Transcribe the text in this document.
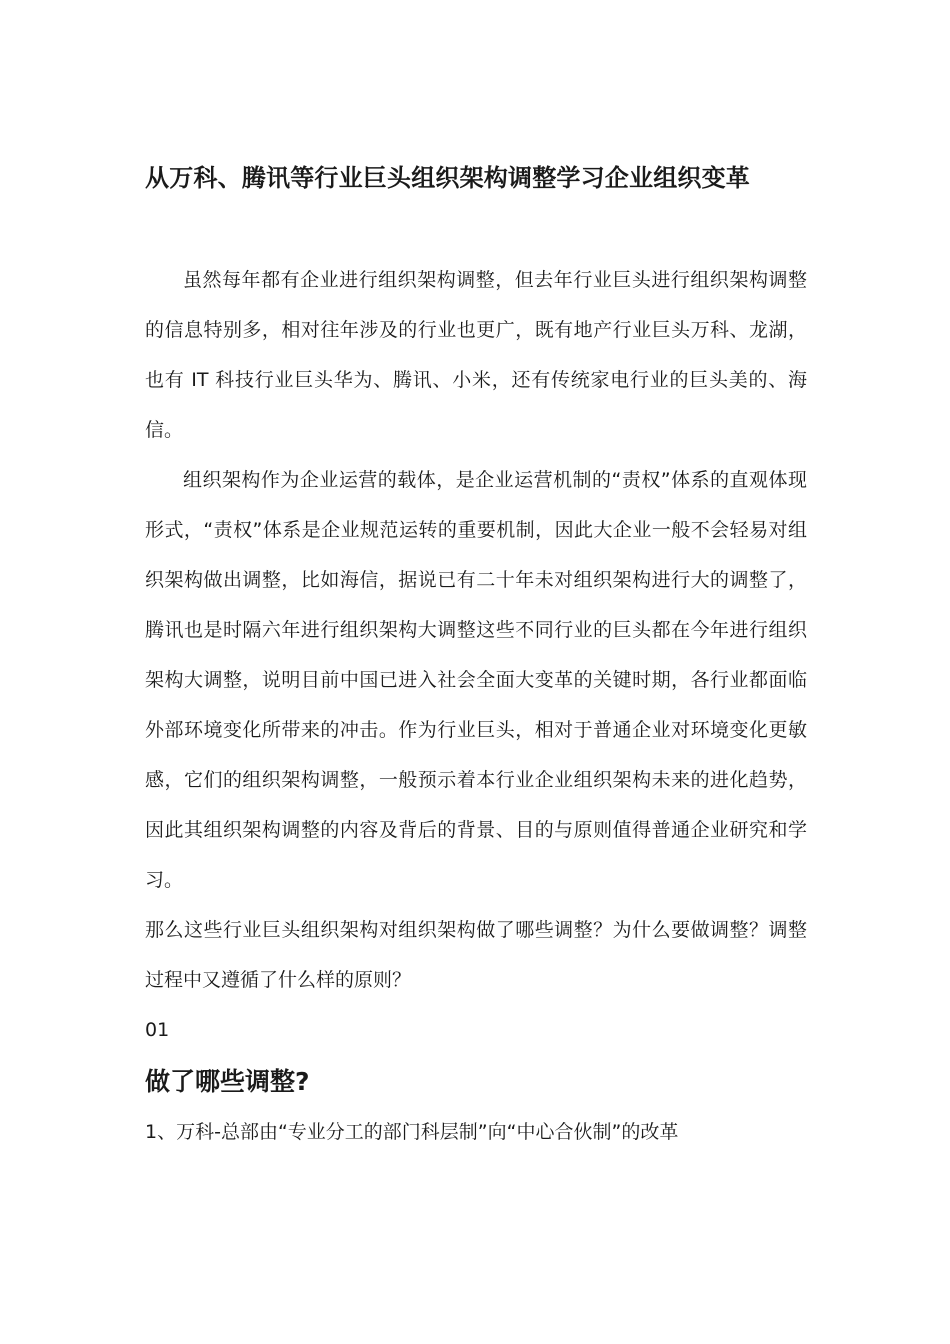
从万科、腾讯等行业巨头组织架构调整学习企业组织变革

虽然每年都有企业进行组织架构调整，但去年行业巨头进行组织架构调整的信息特别多，相对往年涉及的行业也更广，既有地产行业巨头万科、龙湖，也有 IT 科技行业巨头华为、腾讯、小米，还有传统家电行业的巨头美的、海信。

组织架构作为企业运营的载体，是企业运营机制的“责权”体系的直观体现形式，“责权”体系是企业规范运转的重要机制，因此大企业一般不会轻易对组织架构做出调整，比如海信，据说已有二十年未对组织架构进行大的调整了，腾讯也是时隔六年进行组织架构大调整这些不同行业的巨头都在今年进行组织架构大调整，说明目前中国已进入社会全面大变革的关键时期，各行业都面临外部环境变化所带来的冲击。作为行业巨头，相对于普通企业对环境变化更敏感，它们的组织架构调整，一般预示着本行业企业组织架构未来的进化趋势，因此其组织架构调整的内容及背后的背景、目的与原则值得普通企业研究和学习。

那么这些行业巨头组织架构对组织架构做了哪些调整？为什么要做调整？调整过程中又遵循了什么样的原则？

01

做了哪些调整?

1、万科-总部由“专业分工的部门科层制”向“中心合伙制”的改革
